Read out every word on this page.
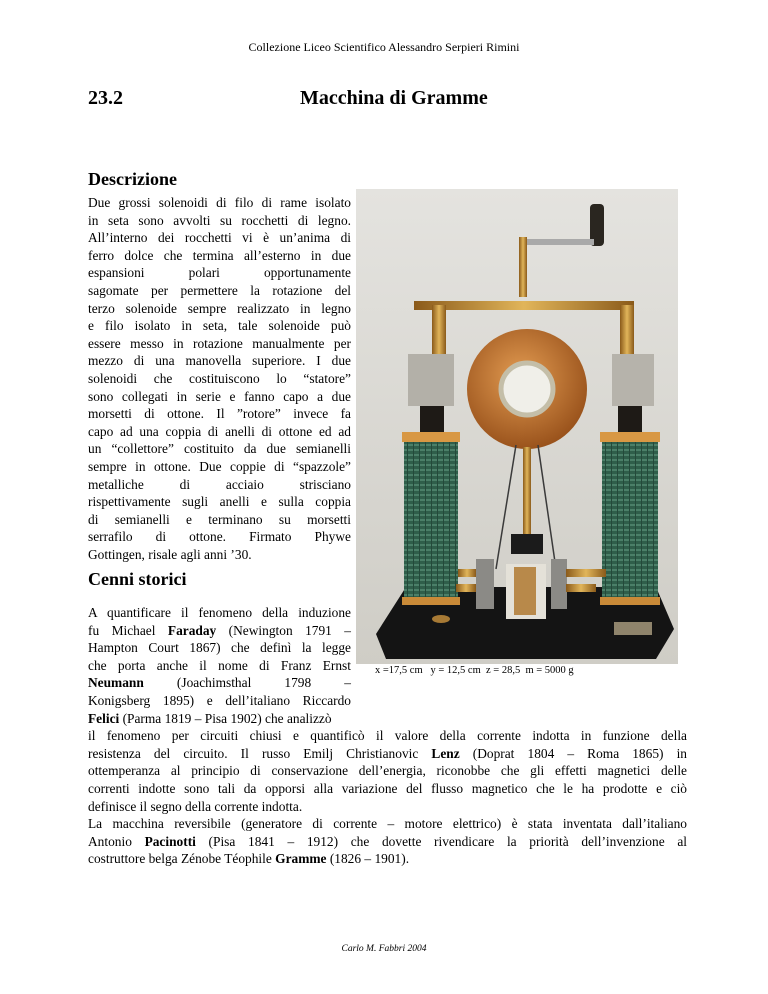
Collezione Liceo Scientifico Alessandro Serpieri Rimini
23.2	Macchina di Gramme
Descrizione
Due grossi solenoidi di filo di rame isolato
in seta sono avvolti su rocchetti di legno.
All’interno dei rocchetti vi è un’anima di
ferro dolce che termina all’esterno in due
espansioni polari opportunamente
sagomate per permettere la rotazione del
terzo solenoide sempre realizzato in legno
e filo isolato in seta, tale solenoide può
essere messo in rotazione manualmente per
mezzo di una manovella superiore. I due
solenoidi che costituiscono lo “statore”
sono collegati in serie e fanno capo a due
morsetti di ottone. Il ”rotore” invece fa
capo ad una coppia di anelli di ottone ed ad
un “collettore” costituito da due semianelli
sempre in ottone. Due coppie di “spazzole”
metalliche di acciaio strisciano
rispettivamente sugli anelli e sulla coppia
di semianelli e terminano su morsetti
serrafilo di ottone. Firmato Phywe
Gottingen, risale agli anni ’30.
x =17,5 cm   y = 12,5 cm  z = 28,5  m = 5000 g
Cenni storici
A quantificare il fenomeno della induzione
fu Michael Faraday (Newington 1791 –
Hampton Court 1867) che definì la legge
che porta anche il nome di Franz Ernst
Neumann (Joachimsthal 1798 –
Konigsberg 1895) e dell’italiano Riccardo
Felici (Parma 1819 – Pisa 1902) che analizzò
il fenomeno per circuiti chiusi e quantificò il valore della corrente indotta in funzione della
resistenza del circuito. Il russo Emilj Christianovic Lenz (Doprat 1804 – Roma 1865) in
ottemperanza al principio di conservazione dell’energia, riconobbe che gli effetti magnetici delle
correnti indotte sono tali da opporsi alla variazione del flusso magnetico che le ha prodotte e ciò
definisce il segno della corrente indotta.
La macchina reversibile (generatore di corrente – motore elettrico) è stata inventata dall’italiano
Antonio Pacinotti (Pisa 1841 – 1912) che dovette rivendicare la priorità dell’invenzione al
costruttore belga Zénobe Téophile Gramme (1826 – 1901).
Carlo M. Fabbri 2004
